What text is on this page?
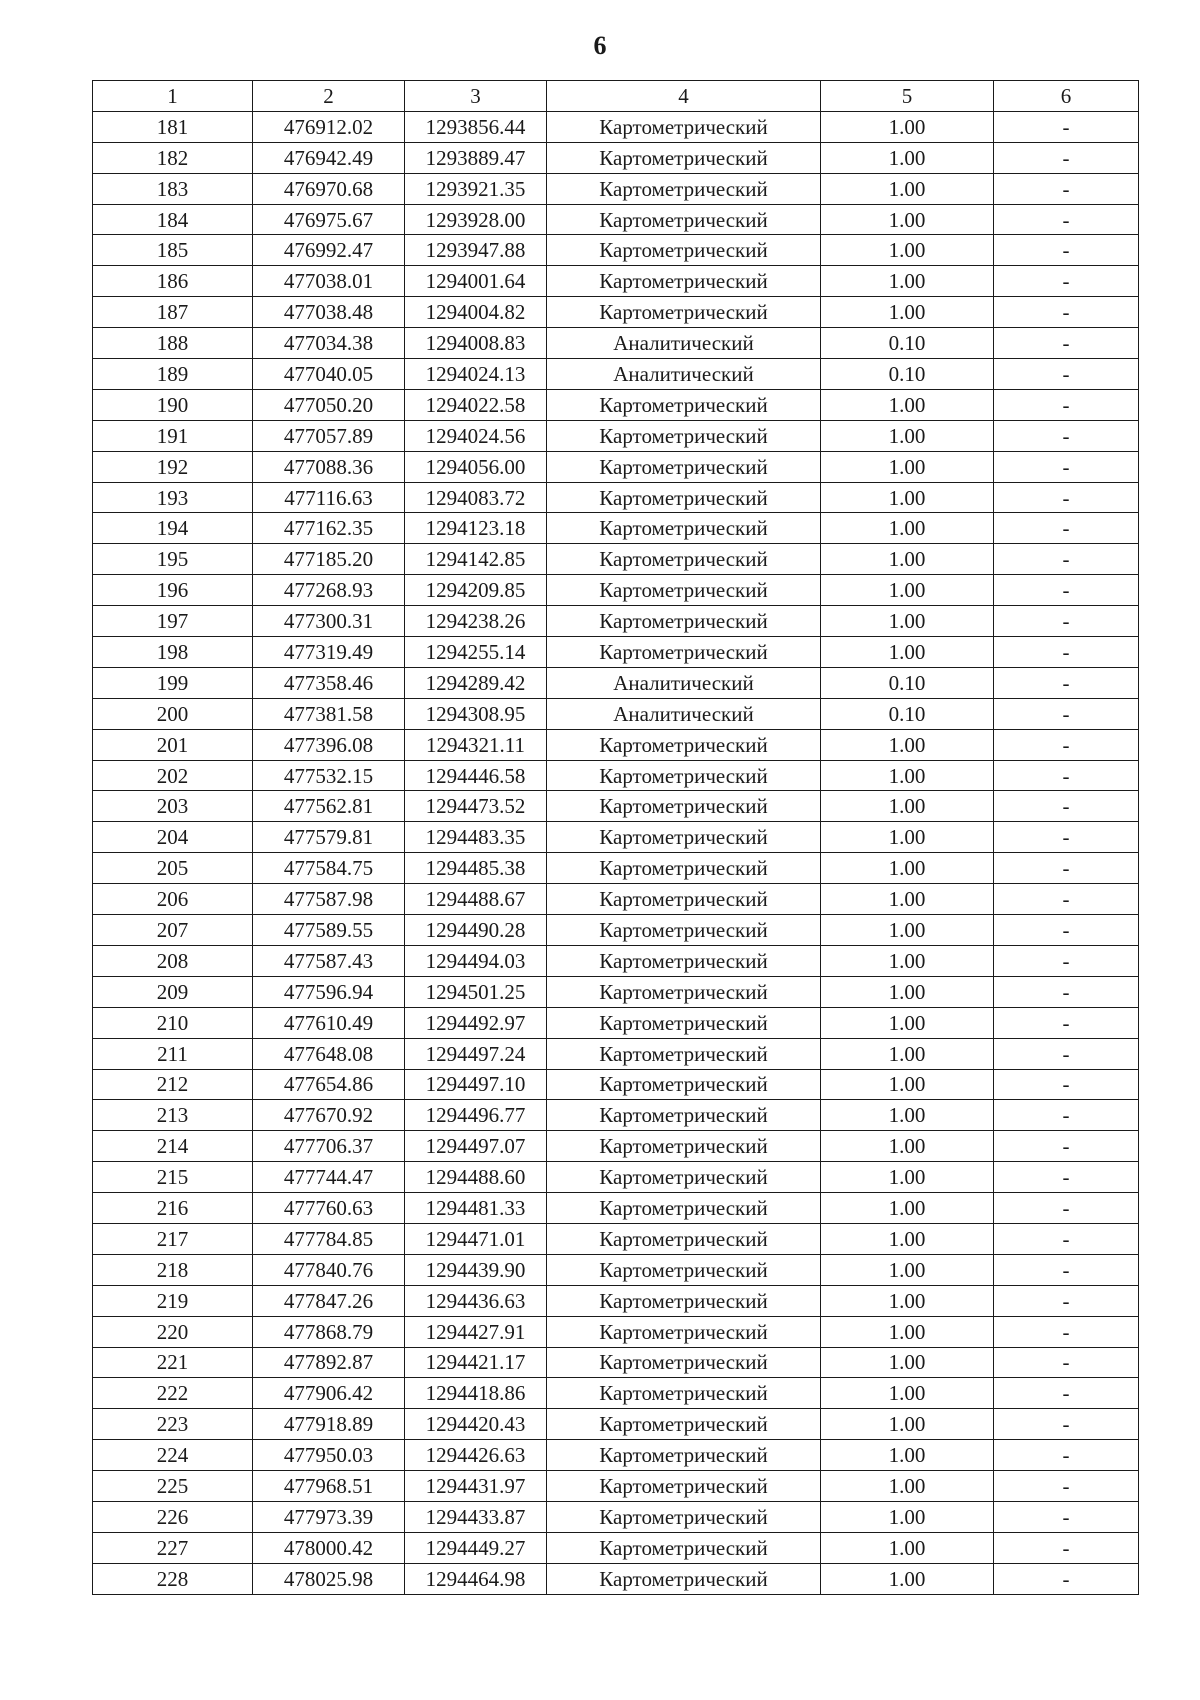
6
1	2	3	4	5	6
181	476912.02	1293856.44	Картометрический	1.00	-
182	476942.49	1293889.47	Картометрический	1.00	-
183	476970.68	1293921.35	Картометрический	1.00	-
184	476975.67	1293928.00	Картометрический	1.00	-
185	476992.47	1293947.88	Картометрический	1.00	-
186	477038.01	1294001.64	Картометрический	1.00	-
187	477038.48	1294004.82	Картометрический	1.00	-
188	477034.38	1294008.83	Аналитический	0.10	-
189	477040.05	1294024.13	Аналитический	0.10	-
190	477050.20	1294022.58	Картометрический	1.00	-
191	477057.89	1294024.56	Картометрический	1.00	-
192	477088.36	1294056.00	Картометрический	1.00	-
193	477116.63	1294083.72	Картометрический	1.00	-
194	477162.35	1294123.18	Картометрический	1.00	-
195	477185.20	1294142.85	Картометрический	1.00	-
196	477268.93	1294209.85	Картометрический	1.00	-
197	477300.31	1294238.26	Картометрический	1.00	-
198	477319.49	1294255.14	Картометрический	1.00	-
199	477358.46	1294289.42	Аналитический	0.10	-
200	477381.58	1294308.95	Аналитический	0.10	-
201	477396.08	1294321.11	Картометрический	1.00	-
202	477532.15	1294446.58	Картометрический	1.00	-
203	477562.81	1294473.52	Картометрический	1.00	-
204	477579.81	1294483.35	Картометрический	1.00	-
205	477584.75	1294485.38	Картометрический	1.00	-
206	477587.98	1294488.67	Картометрический	1.00	-
207	477589.55	1294490.28	Картометрический	1.00	-
208	477587.43	1294494.03	Картометрический	1.00	-
209	477596.94	1294501.25	Картометрический	1.00	-
210	477610.49	1294492.97	Картометрический	1.00	-
211	477648.08	1294497.24	Картометрический	1.00	-
212	477654.86	1294497.10	Картометрический	1.00	-
213	477670.92	1294496.77	Картометрический	1.00	-
214	477706.37	1294497.07	Картометрический	1.00	-
215	477744.47	1294488.60	Картометрический	1.00	-
216	477760.63	1294481.33	Картометрический	1.00	-
217	477784.85	1294471.01	Картометрический	1.00	-
218	477840.76	1294439.90	Картометрический	1.00	-
219	477847.26	1294436.63	Картометрический	1.00	-
220	477868.79	1294427.91	Картометрический	1.00	-
221	477892.87	1294421.17	Картометрический	1.00	-
222	477906.42	1294418.86	Картометрический	1.00	-
223	477918.89	1294420.43	Картометрический	1.00	-
224	477950.03	1294426.63	Картометрический	1.00	-
225	477968.51	1294431.97	Картометрический	1.00	-
226	477973.39	1294433.87	Картометрический	1.00	-
227	478000.42	1294449.27	Картометрический	1.00	-
228	478025.98	1294464.98	Картометрический	1.00	-
